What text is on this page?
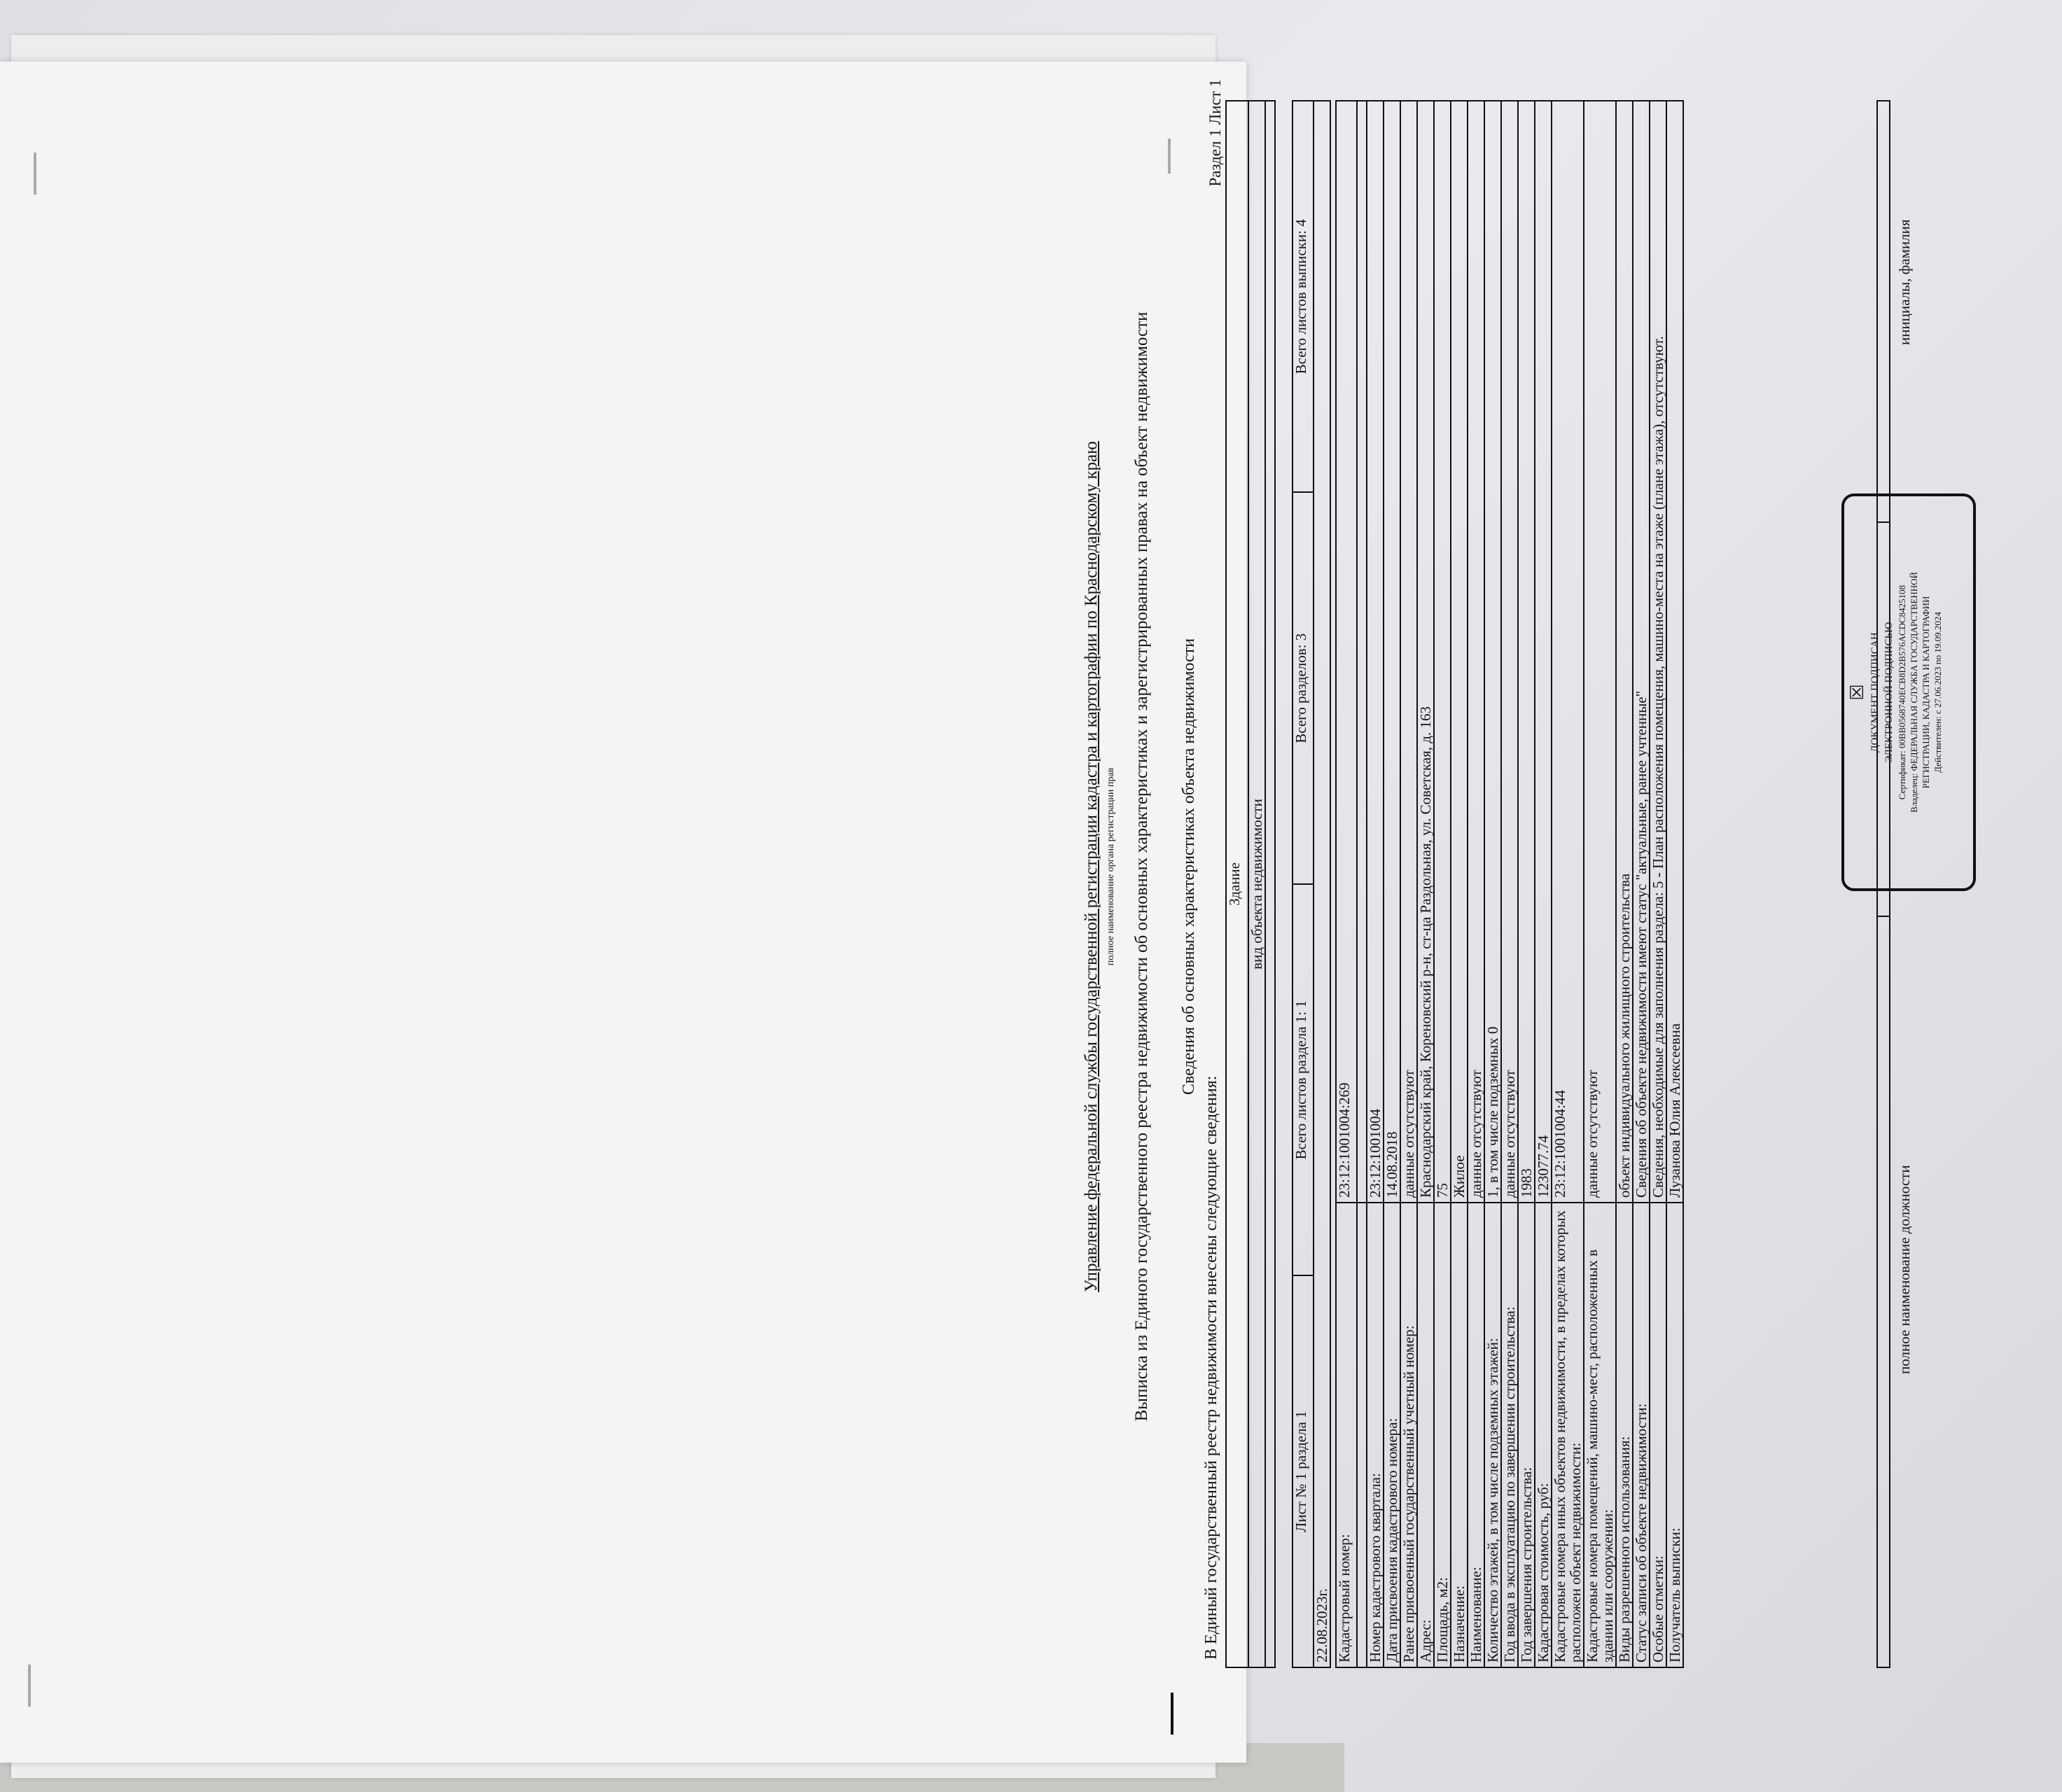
Управление федеральной службы государственной регистрации кадастра и картографии по Краснодарскому краю полное наименование органа регистрации прав Выписка из Единого государственного реестра недвижимости об основных характеристиках и зарегистрированных правах на объект недвижимости Сведения об основных характеристиках объекта недвижимости
В Единый государственный реестр недвижимости внесены следующие сведения:
Раздел 1 Лист 1
Здание
вид объекта недвижимости

Лист № 1 раздела 1	Всего листов раздела 1: 1	Всего разделов: 3	Всего листов выписки: 4
22.08.2023г. Кадастровый номер:	23:12:1001004:269

Номер кадастрового квартала:	23:12:1001004
Дата присвоения кадастрового номера:	14.08.2018
Ранее присвоенный государственный учетный номер:	данные отсутствуют
Адрес:	Краснодарский край, Кореновский р-н, ст-ца Раздольная, ул. Советская, д. 163
Площадь, м2:	75
Назначение:	Жилое
Наименование:	данные отсутствуют
Количество этажей, в том числе подземных этажей:	1, в том числе подземных 0
Год ввода в эксплуатацию по завершении строительства:	данные отсутствуют
Год завершения строительства:	1983
Кадастровая стоимость, руб:	123077.74
Кадастровые номера иных объектов недвижимости, в пределах которых расположен объект недвижимости:	23:12:1001004:44
Кадастровые номера помещений, машино-мест, расположенных в здании или сооружении:	данные отсутствуют
Виды разрешенного использования:	объект индивидуального жилищного строительства
Статус записи об объекте недвижимости:	Сведения об объекте недвижимости имеют статус "актуальные, ранее учтенные"
Особые отметки:	Сведения, необходимые для заполнения раздела: 5 - План расположения помещения, машино-места на этаже (плане этажа), отсутствуют.
Получатель выписки:	Лузанова Юлия Алексеевна

полное наименование должности
инициалы, фамилия
☒ ДОКУМЕНТ ПОДПИСАН ЭЛЕКТРОННОЙ ПОДПИСЬЮ Сертификат: 00BB0568740ECB8D2B576ACDC8425108 Владелец: ФЕДЕРАЛЬНАЯ СЛУЖБА ГОСУДАРСТВЕННОЙ РЕГИСТРАЦИИ, КАДАСТРА И КАРТОГРАФИИ Действителен: с 27.06.2023 по 19.09.2024
